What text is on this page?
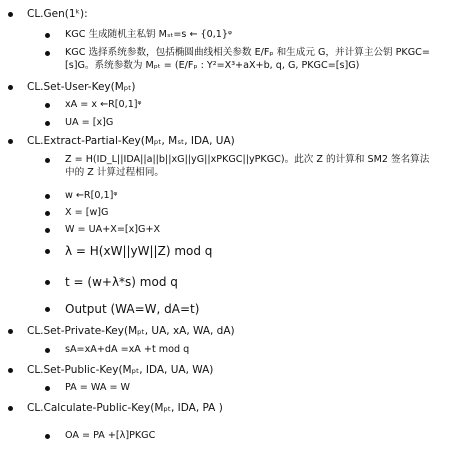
CL.Gen(1ᵏ):
KGC 生成随机主私钥 Mₛₜ=s ← {0,1}ᵠ
KGC 选择系统参数，包括椭圆曲线相关参数 E/Fₚ 和生成元 G，并计算主公钥 PKGC=[s]G。系统参数为 Mₚₜ = (E/Fₚ : Y²=X³+aX+b, q, G, PKGC=[s]G)
CL.Set-User-Key(Mₚₜ)
xA = x ←R[0,1]ᵠ
UA = [x]G
CL.Extract-Partial-Key(Mₚₜ, Mₛₜ, IDA, UA)
Z = H(ID_L||IDA||a||b||xG||yG||xPKGC||yPKGC)。此次 Z 的计算和 SM2 签名算法中的 Z 计算过程相同。
w ←R[0,1]ᵠ
X = [w]G
W = UA+X=[x]G+X
λ = H(xW||yW||Z) mod q
t = (w+λ*s) mod q
Output (WA=W, dA=t)
CL.Set-Private-Key(Mₚₜ, UA, xA, WA, dA)
sA=xA+dA =xA +t mod q
CL.Set-Public-Key(Mₚₜ, IDA, UA, WA)
PA = WA = W
CL.Calculate-Public-Key(Mₚₜ, IDA, PA )
OA = PA +[λ]PKGC
